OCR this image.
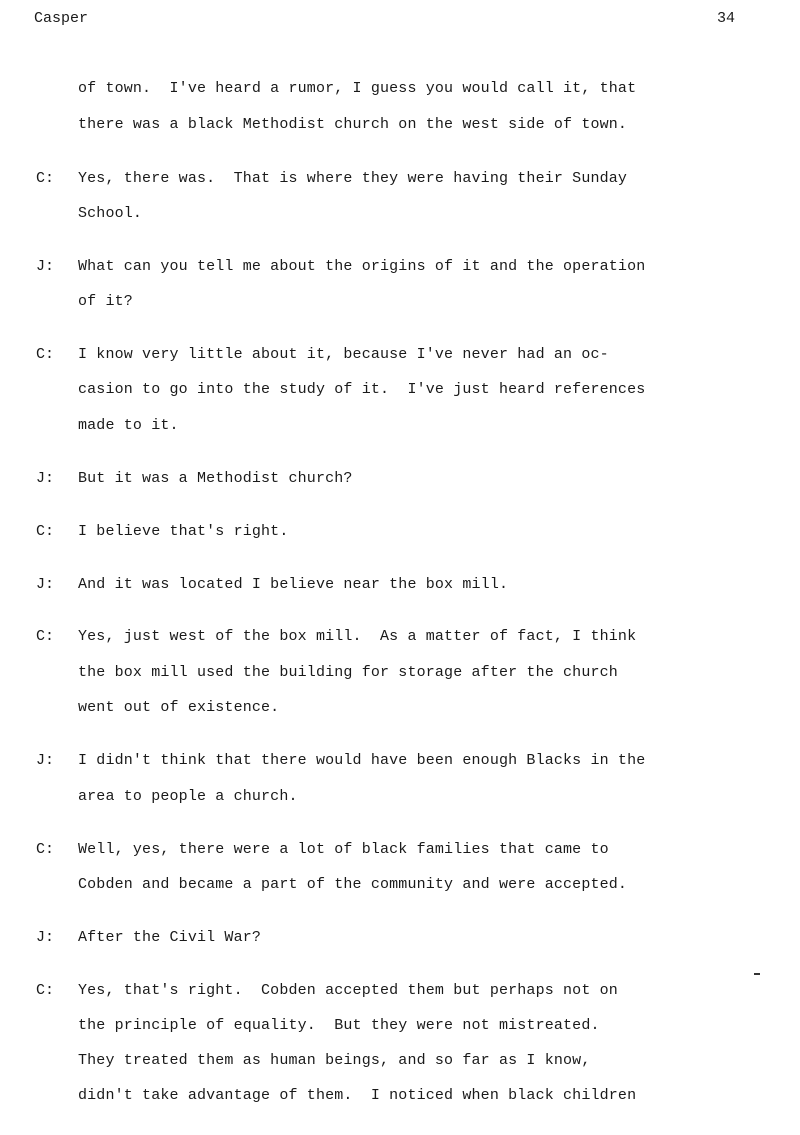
Casper	34
of town.  I've heard a rumor, I guess you would call it, that
there was a black Methodist church on the west side of town.
C: Yes, there was.  That is where they were having their Sunday
School.
J: What can you tell me about the origins of it and the operation
of it?
C: I know very little about it, because I've never had an oc-
casion to go into the study of it.  I've just heard references
made to it.
J: But it was a Methodist church?
C: I believe that's right.
J: And it was located I believe near the box mill.
C: Yes, just west of the box mill.  As a matter of fact, I think
the box mill used the building for storage after the church
went out of existence.
J: I didn't think that there would have been enough Blacks in the
area to people a church.
C: Well, yes, there were a lot of black families that came to
Cobden and became a part of the community and were accepted.
J: After the Civil War?
C: Yes, that's right.  Cobden accepted them but perhaps not on
the principle of equality.  But they were not mistreated.
They treated them as human beings, and so far as I know,
didn't take advantage of them.  I noticed when black children
